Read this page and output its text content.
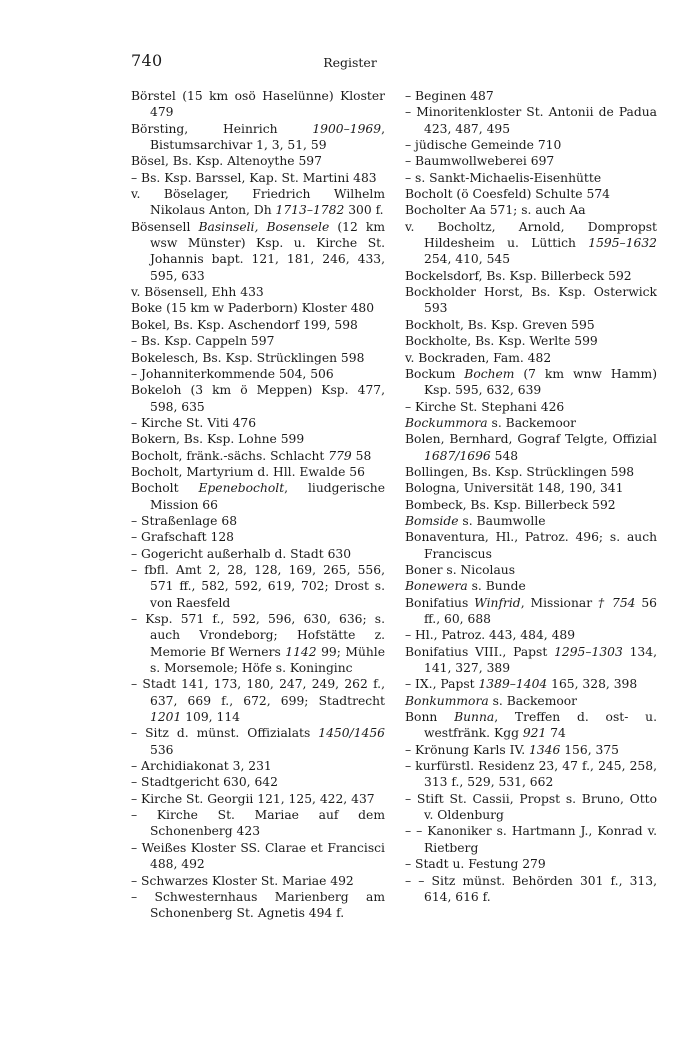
740	Register
Börstel (15 km osö Haselünne) Kloster 479
Börsting, Heinrich 1900–1969, Bistumsarchivar 1, 3, 51, 59
Bösel, Bs. Ksp. Altenoythe 597
– Bs. Ksp. Barssel, Kap. St. Martini 483
v. Böselager, Friedrich Wilhelm Nikolaus Anton, Dh 1713–1782 300 f.
Bösensell Basinseli, Bosensele (12 km wsw Münster) Ksp. u. Kirche St. Johannis bapt. 121, 181, 246, 433, 595, 633
v. Bösensell, Ehh 433
Boke (15 km w Paderborn) Kloster 480
Bokel, Bs. Ksp. Aschendorf 199, 598
– Bs. Ksp. Cappeln 597
Bokelesch, Bs. Ksp. Strücklingen 598
– Johanniterkommende 504, 506
Bokeloh (3 km ö Meppen) Ksp. 477, 598, 635
– Kirche St. Viti 476
Bokern, Bs. Ksp. Lohne 599
Bocholt, fränk.-sächs. Schlacht 779 58
Bocholt, Martyrium d. Hll. Ewalde 56
Bocholt Epenebocholt, liudgerische Mission 66
– Straßenlage 68
– Grafschaft 128
– Gogericht außerhalb d. Stadt 630
– fbfl. Amt 2, 28, 128, 169, 265, 556, 571 ff., 582, 592, 619, 702; Drost s. von Raesfeld
– Ksp. 571 f., 592, 596, 630, 636; s. auch Vrondeborg; Hofstätte z. Memorie Bf Werners 1142 99; Mühle s. Morsemole; Höfe s. Koninginc
– Stadt 141, 173, 180, 247, 249, 262 f., 637, 669 f., 672, 699; Stadtrecht 1201 109, 114
– Sitz d. münst. Offizialats 1450/1456 536
– Archidiakonat 3, 231
– Stadtgericht 630, 642
– Kirche St. Georgii 121, 125, 422, 437
– Kirche St. Mariae auf dem Schonenberg 423
– Weißes Kloster SS. Clarae et Francisci 488, 492
– Schwarzes Kloster St. Mariae 492
– Schwesternhaus Marienberg am Schonenberg St. Agnetis 494 f.
– Beginen 487
– Minoritenkloster St. Antonii de Padua 423, 487, 495
– jüdische Gemeinde 710
– Baumwollweberei 697
– s. Sankt-Michaelis-Eisenhütte
Bocholt (ö Coesfeld) Schulte 574
Bocholter Aa 571; s. auch Aa
v. Bocholtz, Arnold, Dompropst Hildesheim u. Lüttich 1595–1632 254, 410, 545
Bockelsdorf, Bs. Ksp. Billerbeck 592
Bockholder Horst, Bs. Ksp. Osterwick 593
Bockholt, Bs. Ksp. Greven 595
Bockholte, Bs. Ksp. Werlte 599
v. Bockraden, Fam. 482
Bockum Bochem (7 km wnw Hamm) Ksp. 595, 632, 639
– Kirche St. Stephani 426
Bockummora s. Backemoor
Bolen, Bernhard, Gograf Telgte, Offizial 1687/1696 548
Bollingen, Bs. Ksp. Strücklingen 598
Bologna, Universität 148, 190, 341
Bombeck, Bs. Ksp. Billerbeck 592
Bomside s. Baumwolle
Bonaventura, Hl., Patroz. 496; s. auch Franciscus
Boner s. Nicolaus
Bonewera s. Bunde
Bonifatius Winfrid, Missionar † 754 56 ff., 60, 688
– Hl., Patroz. 443, 484, 489
Bonifatius VIII., Papst 1295–1303 134, 141, 327, 389
– IX., Papst 1389–1404 165, 328, 398
Bonkummora s. Backemoor
Bonn Bunna, Treffen d. ost- u. westfränk. Kgg 921 74
– Krönung Karls IV. 1346 156, 375
– kurfürstl. Residenz 23, 47 f., 245, 258, 313 f., 529, 531, 662
– Stift St. Cassii, Propst s. Bruno, Otto v. Oldenburg
– – Kanoniker s. Hartmann J., Konrad v. Rietberg
– Stadt u. Festung 279
– – Sitz münst. Behörden 301 f., 313, 614, 616 f.
